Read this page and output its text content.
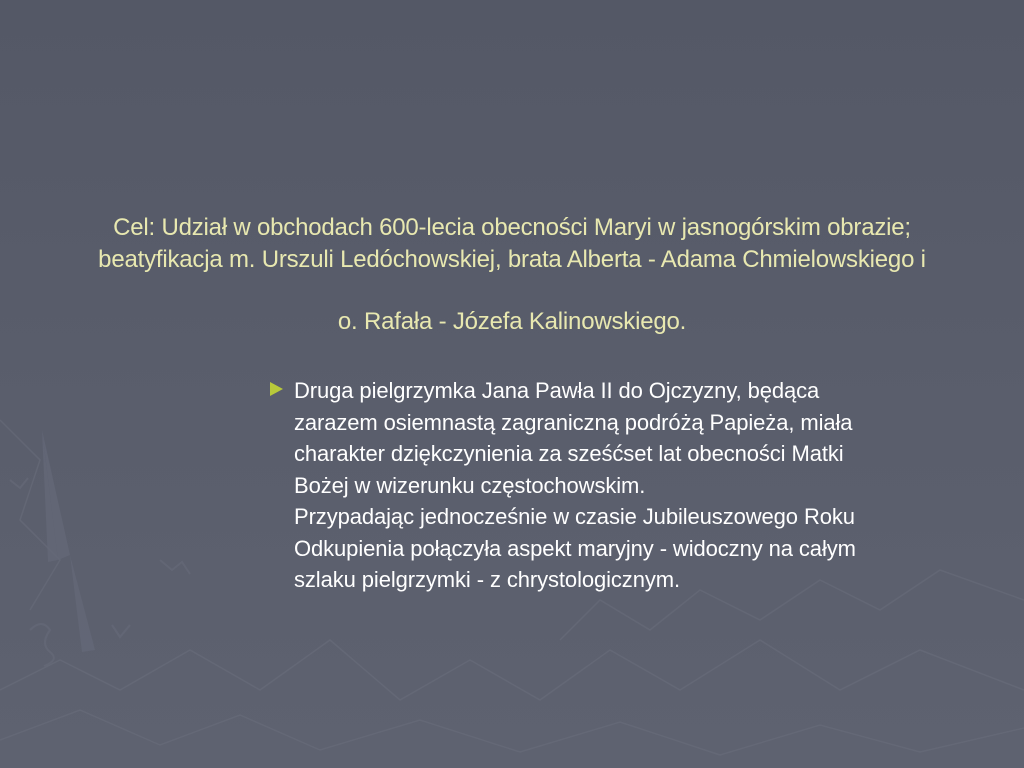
Cel: Udział w obchodach 600-lecia obecności Maryi w jasnogórskim obrazie;
beatyfikacja m. Urszuli Ledóchowskiej, brata Alberta - Adama Chmielowskiego i
o. Rafała - Józefa Kalinowskiego.
Druga pielgrzymka Jana Pawła II do Ojczyzny, będąca
zarazem osiemnastą zagraniczną podróżą Papieża, miała
charakter dziękczynienia za sześćset lat obecności Matki
Bożej w wizerunku częstochowskim.
Przypadając jednocześnie w czasie Jubileuszowego Roku
Odkupienia połączyła aspekt maryjny - widoczny na całym
szlaku pielgrzymki - z chrystologicznym.
